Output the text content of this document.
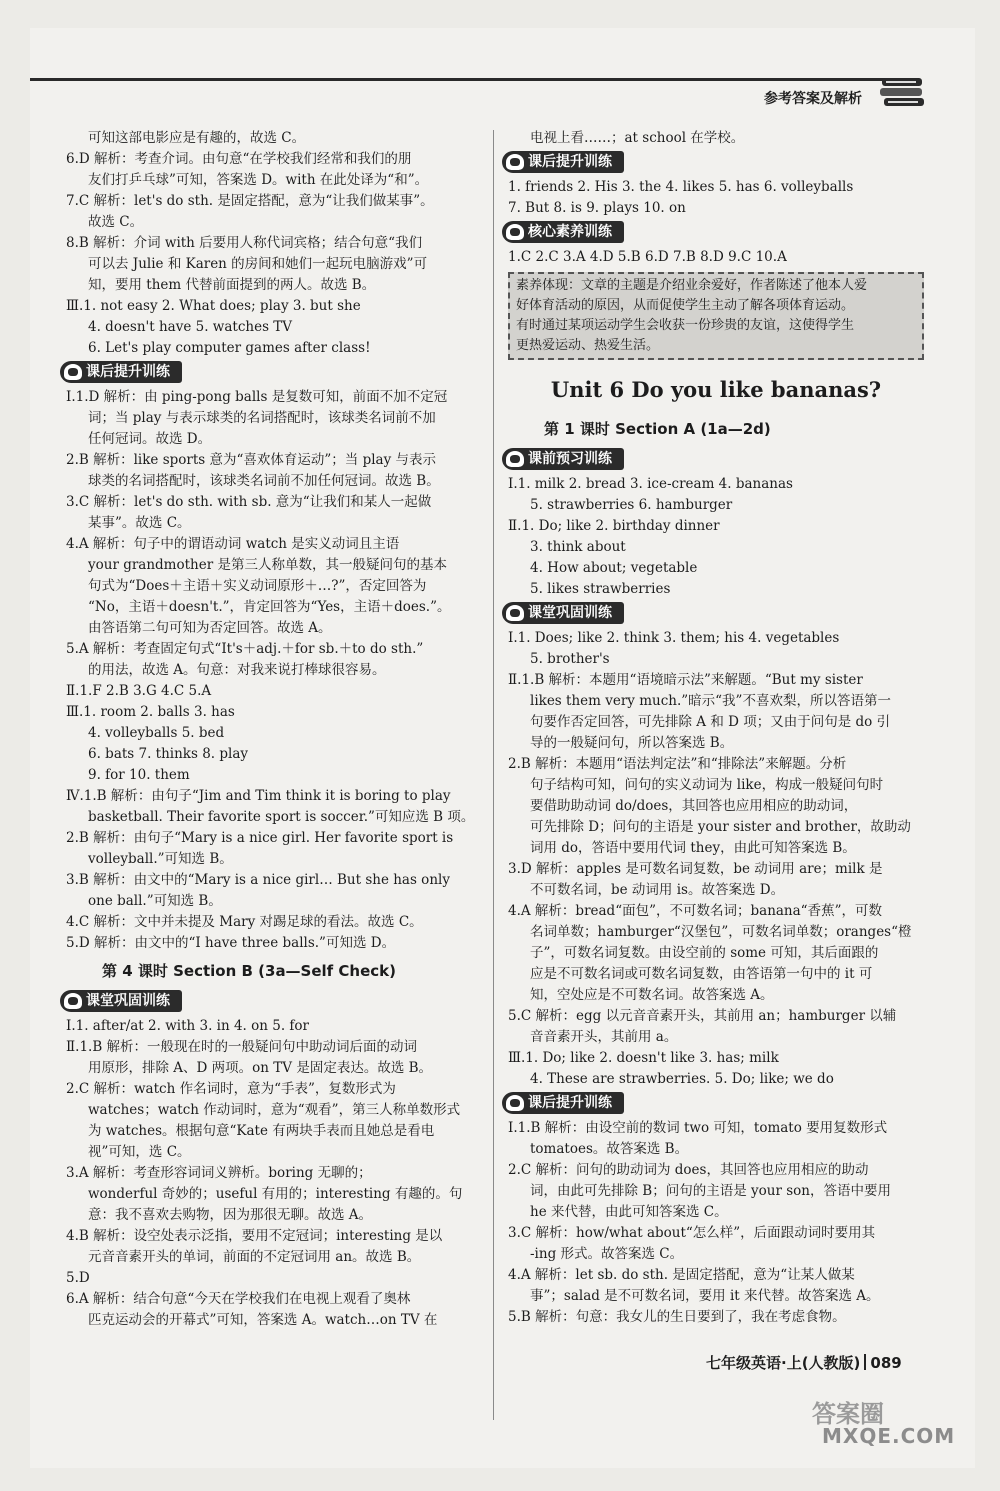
参考答案及解析
可知这部电影应是有趣的，故选 C。
6.D 解析：考查介词。由句意“在学校我们经常和我们的朋
友们打乒乓球”可知，答案选 D。with 在此处译为“和”。
7.C 解析：let's do sth. 是固定搭配，意为“让我们做某事”。
故选 C。
8.B 解析：介词 with 后要用人称代词宾格；结合句意“我们
可以去 Julie 和 Karen 的房间和她们一起玩电脑游戏”可
知，要用 them 代替前面提到的两人。故选 B。
Ⅲ.1. not easy 2. What does; play 3. but she
4. doesn't have 5. watches TV
6. Let's play computer games after class!
课后提升训练
Ⅰ.1.D 解析：由 ping-pong balls 是复数可知，前面不加不定冠
词；当 play 与表示球类的名词搭配时，该球类名词前不加
任何冠词。故选 D。
2.B 解析：like sports 意为“喜欢体育运动”；当 play 与表示
球类的名词搭配时，该球类名词前不加任何冠词。故选 B。
3.C 解析：let's do sth. with sb. 意为“让我们和某人一起做
某事”。故选 C。
4.A 解析：句子中的谓语动词 watch 是实义动词且主语
your grandmother 是第三人称单数，其一般疑问句的基本
句式为“Does＋主语＋实义动词原形＋…?”，否定回答为
“No，主语＋doesn't.”，肯定回答为“Yes，主语＋does.”。
由答语第二句可知为否定回答。故选 A。
5.A 解析：考查固定句式“It's＋adj.＋for sb.＋to do sth.”
的用法，故选 A。句意：对我来说打棒球很容易。
Ⅱ.1.F 2.B 3.G 4.C 5.A
Ⅲ.1. room 2. balls 3. has
4. volleyballs 5. bed
6. bats 7. thinks 8. play
9. for 10. them
Ⅳ.1.B 解析：由句子“Jim and Tim think it is boring to play
basketball. Their favorite sport is soccer.”可知应选 B 项。
2.B 解析：由句子“Mary is a nice girl. Her favorite sport is
volleyball.”可知选 B。
3.B 解析：由文中的“Mary is a nice girl… But she has only
one ball.”可知选 B。
4.C 解析：文中并未提及 Mary 对踢足球的看法。故选 C。
5.D 解析：由文中的“I have three balls.”可知选 D。
第 4 课时 Section B (3a—Self Check)
课堂巩固训练
Ⅰ.1. after/at 2. with 3. in 4. on 5. for
Ⅱ.1.B 解析：一般现在时的一般疑问句中助动词后面的动词
用原形，排除 A、D 两项。on TV 是固定表达。故选 B。
2.C 解析：watch 作名词时，意为“手表”，复数形式为
watches；watch 作动词时，意为“观看”，第三人称单数形式
为 watches。根据句意“Kate 有两块手表而且她总是看电
视”可知，选 C。
3.A 解析：考查形容词词义辨析。boring 无聊的；
wonderful 奇妙的；useful 有用的；interesting 有趣的。句
意：我不喜欢去购物，因为那很无聊。故选 A。
4.B 解析：设空处表示泛指，要用不定冠词；interesting 是以
元音音素开头的单词，前面的不定冠词用 an。故选 B。
5.D
6.A 解析：结合句意“今天在学校我们在电视上观看了奥林
匹克运动会的开幕式”可知，答案选 A。watch…on TV 在
电视上看……；at school 在学校。
课后提升训练
1. friends 2. His 3. the 4. likes 5. has 6. volleyballs
7. But 8. is 9. plays 10. on
核心素养训练
1.C 2.C 3.A 4.D 5.B 6.D 7.B 8.D 9.C 10.A
素养体现：文章的主题是介绍业余爱好，作者陈述了他本人爱
好体育活动的原因，从而促使学生主动了解各项体育运动。
有时通过某项运动学生会收获一份珍贵的友谊，这使得学生
更热爱运动、热爱生活。
Unit 6 Do you like bananas?
第 1 课时 Section A (1a—2d)
课前预习训练
Ⅰ.1. milk 2. bread 3. ice-cream 4. bananas
5. strawberries 6. hamburger
Ⅱ.1. Do; like 2. birthday dinner
3. think about
4. How about; vegetable
5. likes strawberries
课堂巩固训练
Ⅰ.1. Does; like 2. think 3. them; his 4. vegetables
5. brother's
Ⅱ.1.B 解析：本题用“语境暗示法”来解题。“But my sister
likes them very much.”暗示“我”不喜欢梨，所以答语第一
句要作否定回答，可先排除 A 和 D 项；又由于问句是 do 引
导的一般疑问句，所以答案选 B。
2.B 解析：本题用“语法判定法”和“排除法”来解题。分析
句子结构可知，问句的实义动词为 like，构成一般疑问句时
要借助助动词 do/does，其回答也应用相应的助动词，
可先排除 D；问句的主语是 your sister and brother，故助动
词用 do，答语中要用代词 they，由此可知答案选 B。
3.D 解析：apples 是可数名词复数，be 动词用 are；milk 是
不可数名词，be 动词用 is。故答案选 D。
4.A 解析：bread“面包”，不可数名词；banana“香蕉”，可数
名词单数；hamburger“汉堡包”，可数名词单数；oranges“橙
子”，可数名词复数。由设空前的 some 可知，其后面跟的
应是不可数名词或可数名词复数，由答语第一句中的 it 可
知，空处应是不可数名词。故答案选 A。
5.C 解析：egg 以元音音素开头，其前用 an；hamburger 以辅
音音素开头，其前用 a。
Ⅲ.1. Do; like 2. doesn't like 3. has; milk
4. These are strawberries. 5. Do; like; we do
课后提升训练
Ⅰ.1.B 解析：由设空前的数词 two 可知，tomato 要用复数形式
tomatoes。故答案选 B。
2.C 解析：问句的助动词为 does，其回答也应用相应的助动
词，由此可先排除 B；问句的主语是 your son，答语中要用
he 来代替，由此可知答案选 C。
3.C 解析：how/what about“怎么样”，后面跟动词时要用其
-ing 形式。故答案选 C。
4.A 解析：let sb. do sth. 是固定搭配，意为“让某人做某
事”；salad 是不可数名词，要用 it 来代替。故答案选 A。
5.B 解析：句意：我女儿的生日要到了，我在考虑食物。
七年级英语·上(人教版) 089
答案圈
MXQE.COM
